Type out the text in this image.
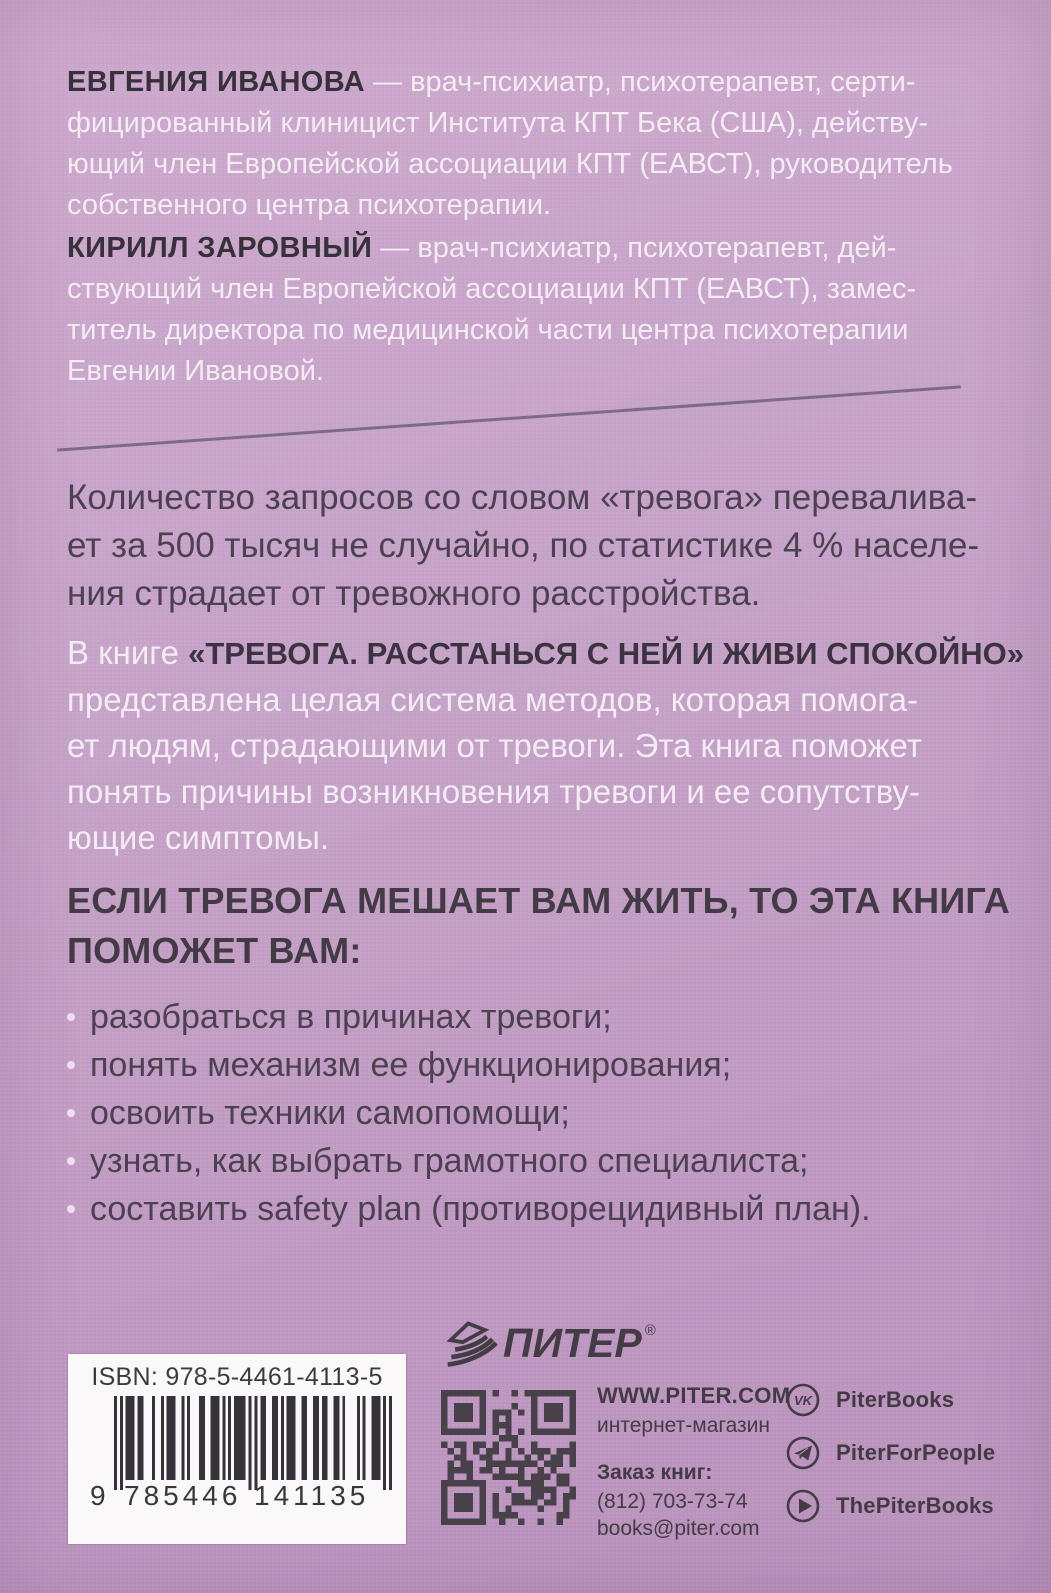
ЕВГЕНИЯ ИВАНОВА — врач-психиатр, психотерапевт, серти-
фицированный клиницист Института КПТ Бека (США), действу-
ющий член Европейской ассоциации КПТ (ЕАВСТ), руководитель
собственного центра психотерапии.
КИРИЛЛ ЗАРОВНЫЙ — врач-психиатр, психотерапевт, дей-
ствующий член Европейской ассоциации КПТ (ЕАВСТ), замес-
титель директора по медицинской части центра психотерапии
Евгении Ивановой.
Количество запросов со словом «тревога» перевалива-
ет за 500 тысяч не случайно, по статистике 4 % населе-
ния страдает от тревожного расстройства.
В книге «ТРЕВОГА. РАССТАНЬСЯ С НЕЙ И ЖИВИ СПОКОЙНО»
представлена целая система методов, которая помога-
ет людям, страдающими от тревоги. Эта книга поможет
понять причины возникновения тревоги и ее сопутству-
ющие симптомы.
ЕСЛИ ТРЕВОГА МЕШАЕТ ВАМ ЖИТЬ, ТО ЭТА КНИГА
ПОМОЖЕТ ВАМ:
разобраться в причинах тревоги;
понять механизм ее функционирования;
освоить техники самопомощи;
узнать, как выбрать грамотного специалиста;
составить safety plan (противорецидивный план).
ПИТЕР ®
ISBN: 978-5-4461-4113-5
9 785446 141135
WWW.PITER.COM
интернет-магазин
Заказ книг:
(812) 703-73-74
books@piter.com
VK PiterBooks
PiterForPeople
ThePiterBooks
